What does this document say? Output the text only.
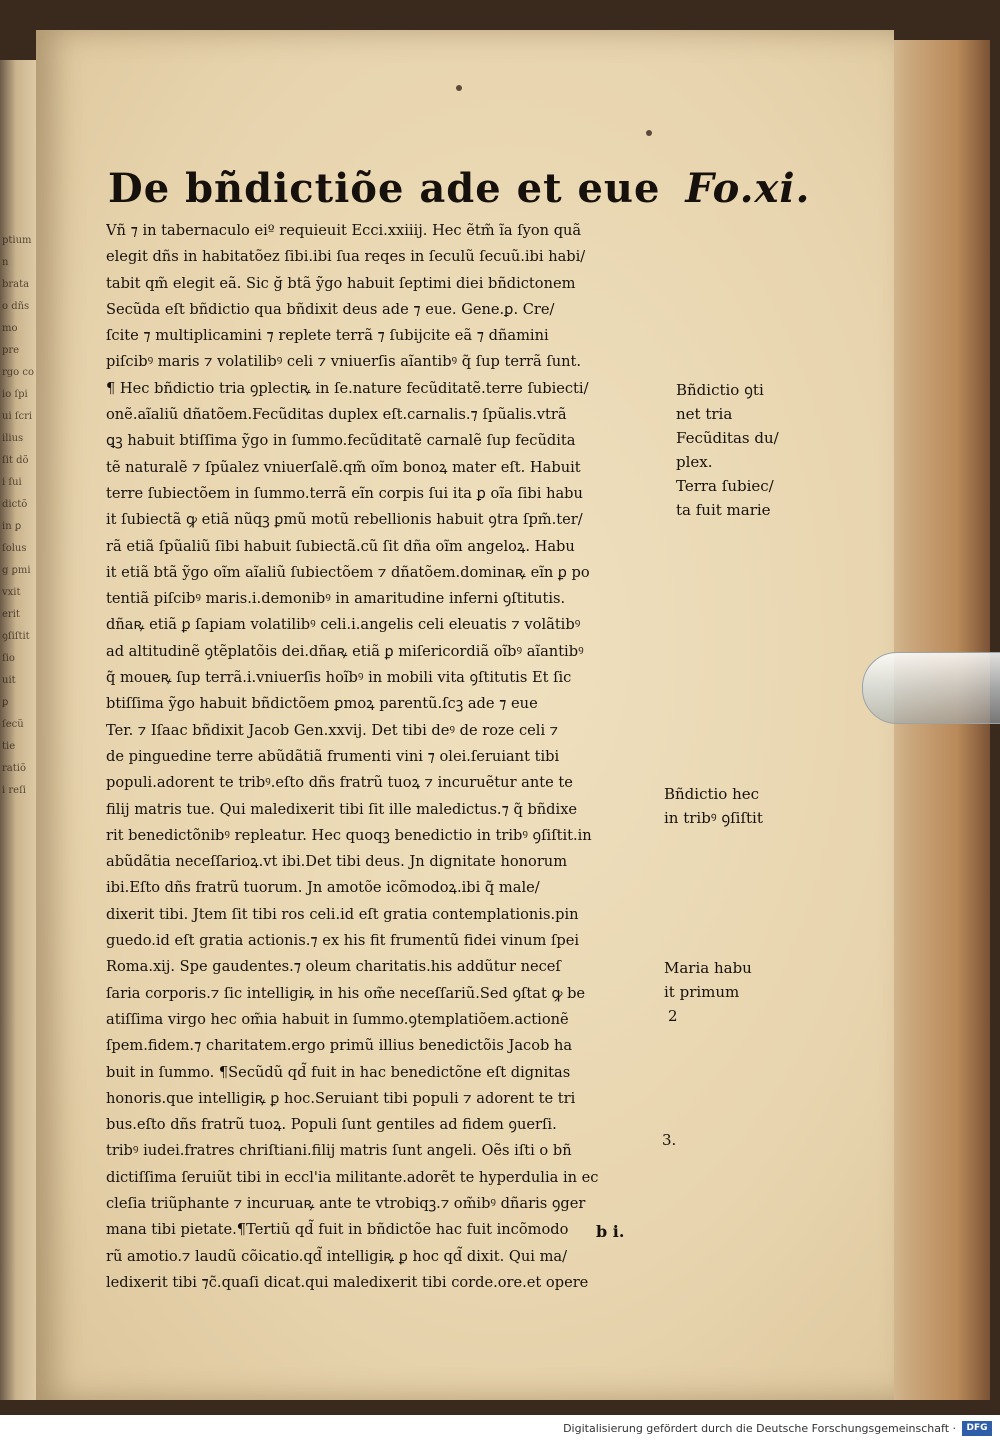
ptium
n brata
o dñs
mo pre
rgo co
io ſpi
ui ſcri
ilius
ſit dõ
i ſui
dictõ
in ꝑ
ſolus
g ꝑmi
vxit
erit
ꝯſiſtit
ſio
uit
ꝑ
ſecũ
tie
ratiõ
i reſi
De bñdictiõe ade et eue Fo.xi.
Vñ ⁊ in tabernaculo eiº requieuit Ecci.xxiiij. Hec ẽtm̃ ĩa ſyon quã
elegit dñs in habitatõez ſibi.ibi ſua reqes in ſeculũ ſecuũ.ibi habi/
tabit qm̃ elegit eã. Sic ğ btã ỹgo habuit ſeptimi diei bñdictonem
Secũda eſt bñdictio qua bñdixit deus ade ⁊ eue. Gene.ꝑ. Cre/
ſcite ⁊ multiplicamini ⁊ replete terrã ⁊ ſubijcite eã ⁊ dñamini
piſcibꝰ maris ⁊ volatilibꝰ celi ⁊ vniuerſis aĩantibꝰ q̃ ſup terrã ſunt.
¶ Hec bñdictio tria ꝯplectiꝶ in ſe.nature fecũditatẽ.terre ſubiecti/
onẽ.aĩaliũ dñatõem.Fecũditas duplex eſt.carnalis.⁊ ſpũalis.vtrã
ꝗꝫ habuit btiſſima ỹgo in ſummo.fecũditatẽ carnalẽ ſup fecũdita
tẽ naturalẽ ⁊ ſpũalez vniuerſalẽ.qm̃ oĩm bonoꝝ mater eſt. Habuit
terre ſubiectõem in ſummo.terrã eĩn corpis ſui ita ꝑ oĩa ſibi habu
it ſubiectã ꝙ etiã nũqꝫ ꝑmũ motũ rebellionis habuit ꝯtra ſpm̃.ter/
rã etiã ſpũaliũ ſibi habuit ſubiectã.cũ ſit dña oĩm angeloꝝ. Habu
it etiã btã ỹgo oĩm aĩaliũ ſubiectõem ⁊ dñatõem.dominaꝶ eĩn ꝑ po
tentiã piſcibꝰ maris.i.demonibꝰ in amaritudine inferni ꝯſtitutis.
dñaꝶ etiã ꝑ ſapiam volatilibꝰ celi.i.angelis celi eleuatis ⁊ volãtibꝰ
ad altitudinẽ ꝯtẽplatõis dei.dñaꝶ etiã ꝑ miſericordiã oĩbꝰ aĩantibꝰ
q̃ moueꝶ ſup terrã.i.vniuerſis hoĩbꝰ in mobili vita ꝯſtitutis Et ſic
btiſſima ỹgo habuit bñdictõem ꝑmoꝝ parentũ.ſcꝫ ade ⁊ eue
Ter. ⁊ Iſaac bñdixit Jacob Gen.xxvij. Det tibi deꝰ de roze celi ⁊
de pinguedine terre abũdãtiã frumenti vini ⁊ olei.ſeruiant tibi
populi.adorent te tribꝰ.eſto dñs fratrũ tuoꝝ ⁊ incuruẽtur ante te
filij matris tue. Qui maledixerit tibi ſit ille maledictus.⁊ q̃ bñdixe
rit benedictõnibꝰ repleatur. Hec quoqꝫ benedictio in tribꝰ ꝯſiſtit.in
abũdãtia neceſſarioꝝ.vt ibi.Det tibi deus. Jn dignitate honorum
ibi.Eſto dñs fratrũ tuorum. Jn amotõe icõmodoꝝ.ibi q̃ male/
dixerit tibi. Jtem ſit tibi ros celi.id eſt gratia contemplationis.pin
guedo.id eſt gratia actionis.⁊ ex his fit frumentũ fidei vinum ſpei
Roma.xij. Spe gaudentes.⁊ oleum charitatis.his addũtur neceſ
ſaria corporis.⁊ ſic intelligiꝶ in his om̃e neceſſariũ.Sed ꝯſtat ꝙ be
atiſſima virgo hec om̃ia habuit in ſummo.ꝯtemplatiõem.actionẽ
ſpem.fidem.⁊ charitatem.ergo primũ illius benedictõis Jacob ha
buit in ſummo. ¶Secũdũ qd̃ fuit in hac benedictõne eſt dignitas
honoris.que intelligiꝶ ꝑ hoc.Seruiant tibi populi ⁊ adorent te tri
bus.eſto dñs fratrũ tuoꝝ. Populi ſunt gentiles ad fidem ꝯuerſi.
tribꝰ iudei.fratres chriſtiani.filij matris ſunt angeli. Oẽs iſti o bñ
dictiſſima ſeruiũt tibi in eccl'ia militante.adorẽt te hyperdulia in ec
cleſia triũphante ⁊ incuruaꝶ ante te vtrobiqꝫ.⁊ om̃ibꝰ dñaris ꝯger
mana tibi pietate.¶Tertiũ qd̃ fuit in bñdictõe hac fuit incõmodo
rũ amotio.⁊ laudũ cõicatio.qd̃ intelligiꝶ ꝑ hoc qd̃ dixit. Qui ma/
ledixerit tibi ⁊c̃.quaſi dicat.qui maledixerit tibi corde.ore.et opere
Bñdictio ꝯti
net tria
Fecũditas du/
plex.
Terra ſubiec/
ta fuit marie
Bñdictio hec
in tribꝰ ꝯſiſtit
Maria habu
it primum
2
3.
b i.
Digitalisierung gefördert durch die Deutsche Forschungsgemeinschaft ·	DFG
